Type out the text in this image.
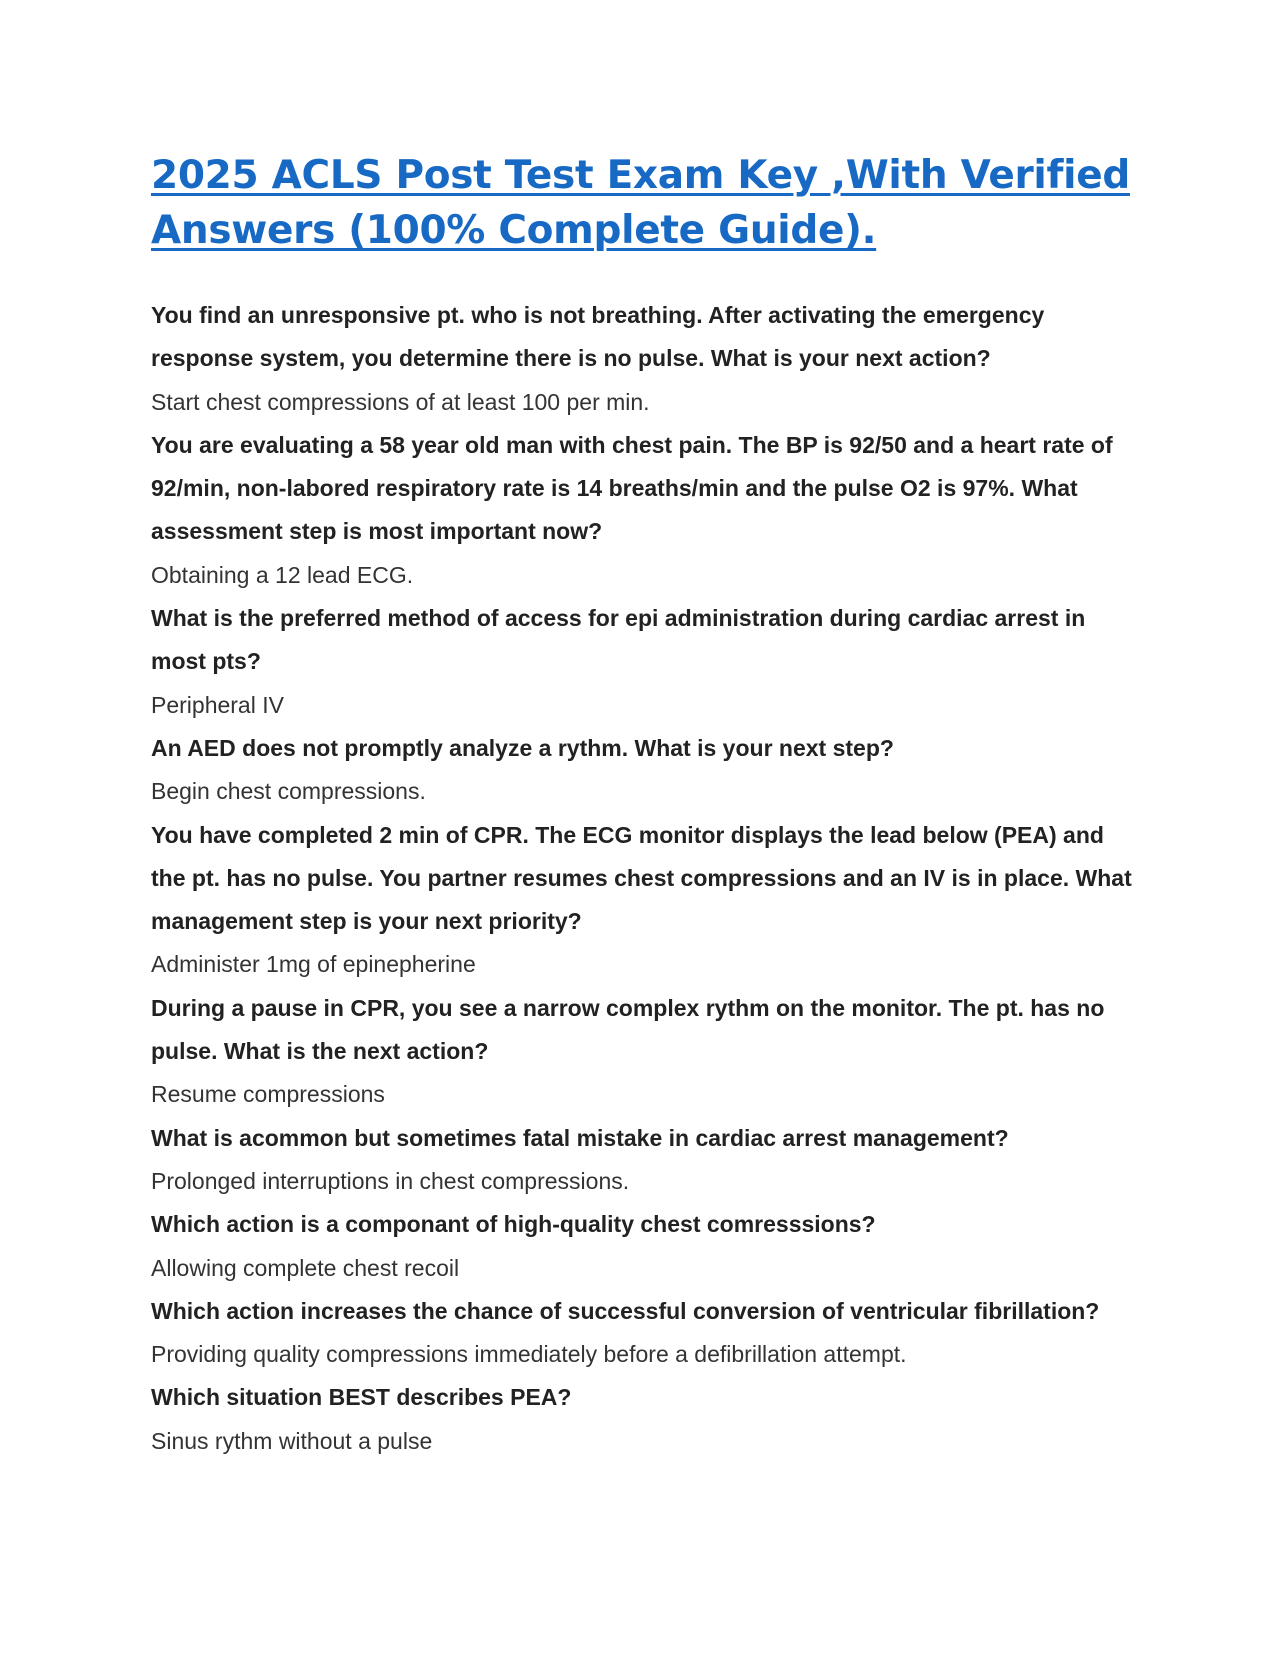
2025 ACLS Post Test Exam Key ,With Verified Answers (100% Complete Guide).
You find an unresponsive pt. who is not breathing. After activating the emergency response system, you determine there is no pulse. What is your next action?
Start chest compressions of at least 100 per min.
You are evaluating a 58 year old man with chest pain. The BP is 92/50 and a heart rate of 92/min, non-labored respiratory rate is 14 breaths/min and the pulse O2 is 97%. What assessment step is most important now?
Obtaining a 12 lead ECG.
What is the preferred method of access for epi administration during cardiac arrest in most pts?
Peripheral IV
An AED does not promptly analyze a rythm. What is your next step?
Begin chest compressions.
You have completed 2 min of CPR. The ECG monitor displays the lead below (PEA) and the pt. has no pulse. You partner resumes chest compressions and an IV is in place. What management step is your next priority?
Administer 1mg of epinepherine
During a pause in CPR, you see a narrow complex rythm on the monitor. The pt. has no pulse. What is the next action?
Resume compressions
What is acommon but sometimes fatal mistake in cardiac arrest management?
Prolonged interruptions in chest compressions.
Which action is a componant of high-quality chest comresssions?
Allowing complete chest recoil
Which action increases the chance of successful conversion of ventricular fibrillation?
Providing quality compressions immediately before a defibrillation attempt.
Which situation BEST describes PEA?
Sinus rythm without a pulse
